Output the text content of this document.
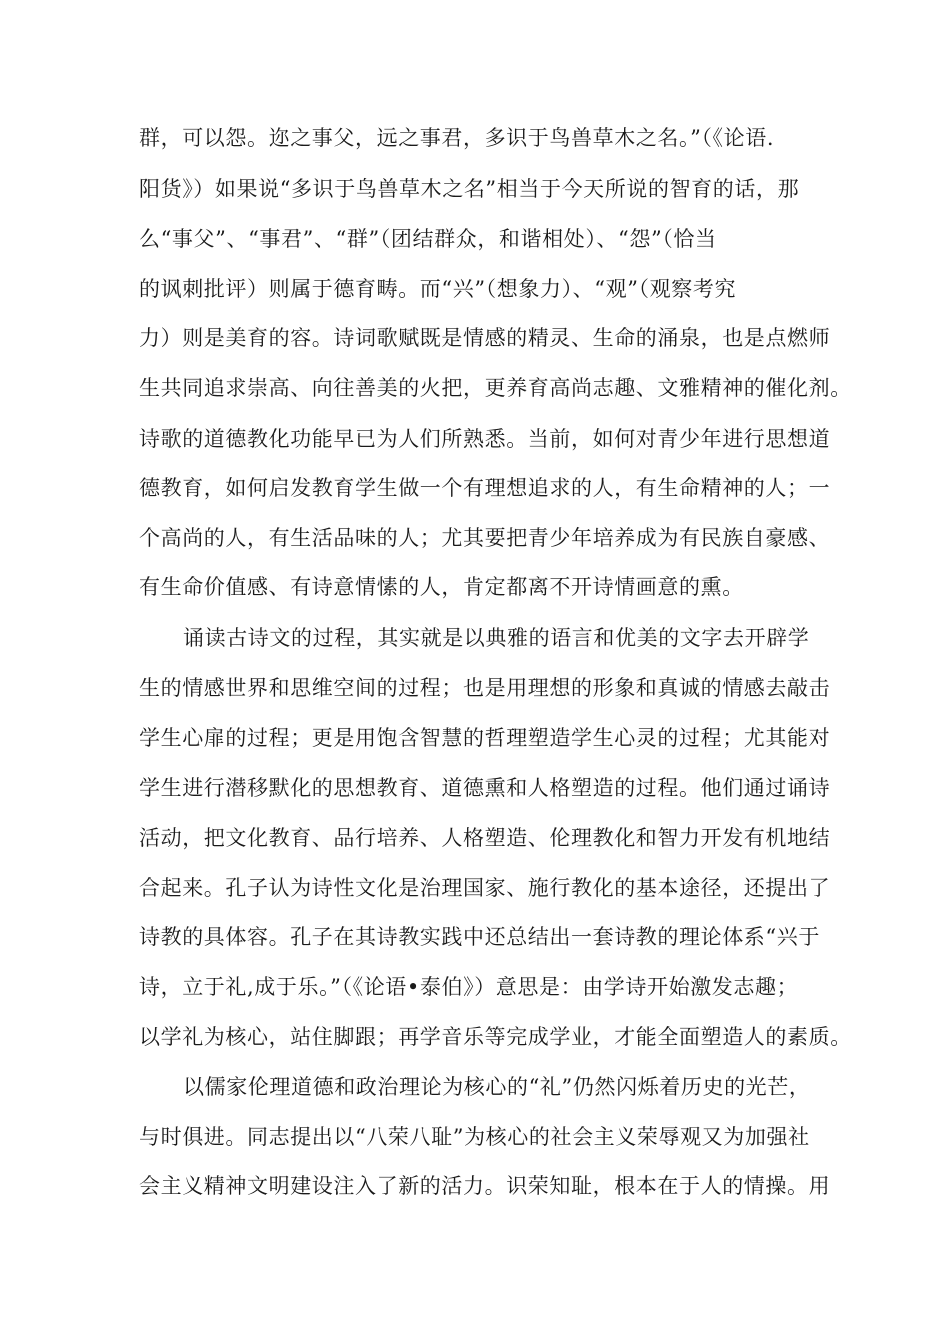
群，可以怨。迩之事父，远之事君，多识于鸟兽草木之名。”（《论语.
阳货》）如果说“多识于鸟兽草木之名”相当于今天所说的智育的话，那
么“事父”、“事君”、“群”（团结群众，和谐相处）、“怨”（恰当
的讽刺批评）则属于德育畴。而“兴”（想象力）、“观”（观察考究
力）则是美育的容。诗词歌赋既是情感的精灵、生命的涌泉，也是点燃师
生共同追求崇高、向往善美的火把，更养育高尚志趣、文雅精神的催化剂。
诗歌的道德教化功能早已为人们所熟悉。当前，如何对青少年进行思想道
德教育，如何启发教育学生做一个有理想追求的人，有生命精神的人；一
个高尚的人，有生活品味的人；尤其要把青少年培养成为有民族自豪感、
有生命价值感、有诗意情愫的人，肯定都离不开诗情画意的熏。
诵读古诗文的过程，其实就是以典雅的语言和优美的文字去开辟学
生的情感世界和思维空间的过程；也是用理想的形象和真诚的情感去敲击
学生心扉的过程；更是用饱含智慧的哲理塑造学生心灵的过程；尤其能对
学生进行潜移默化的思想教育、道德熏和人格塑造的过程。他们通过诵诗
活动，把文化教育、品行培养、人格塑造、伦理教化和智力开发有机地结
合起来。孔子认为诗性文化是治理国家、施行教化的基本途径，还提出了
诗教的具体容。孔子在其诗教实践中还总结出一套诗教的理论体系“兴于
诗，立于礼,成于乐。”（《论语•泰伯》）意思是：由学诗开始激发志趣；
以学礼为核心，站住脚跟；再学音乐等完成学业，才能全面塑造人的素质。
以儒家伦理道德和政治理论为核心的“礼”仍然闪烁着历史的光芒，
与时俱进。同志提出以“八荣八耻”为核心的社会主义荣辱观又为加强社
会主义精神文明建设注入了新的活力。识荣知耻，根本在于人的情操。用
